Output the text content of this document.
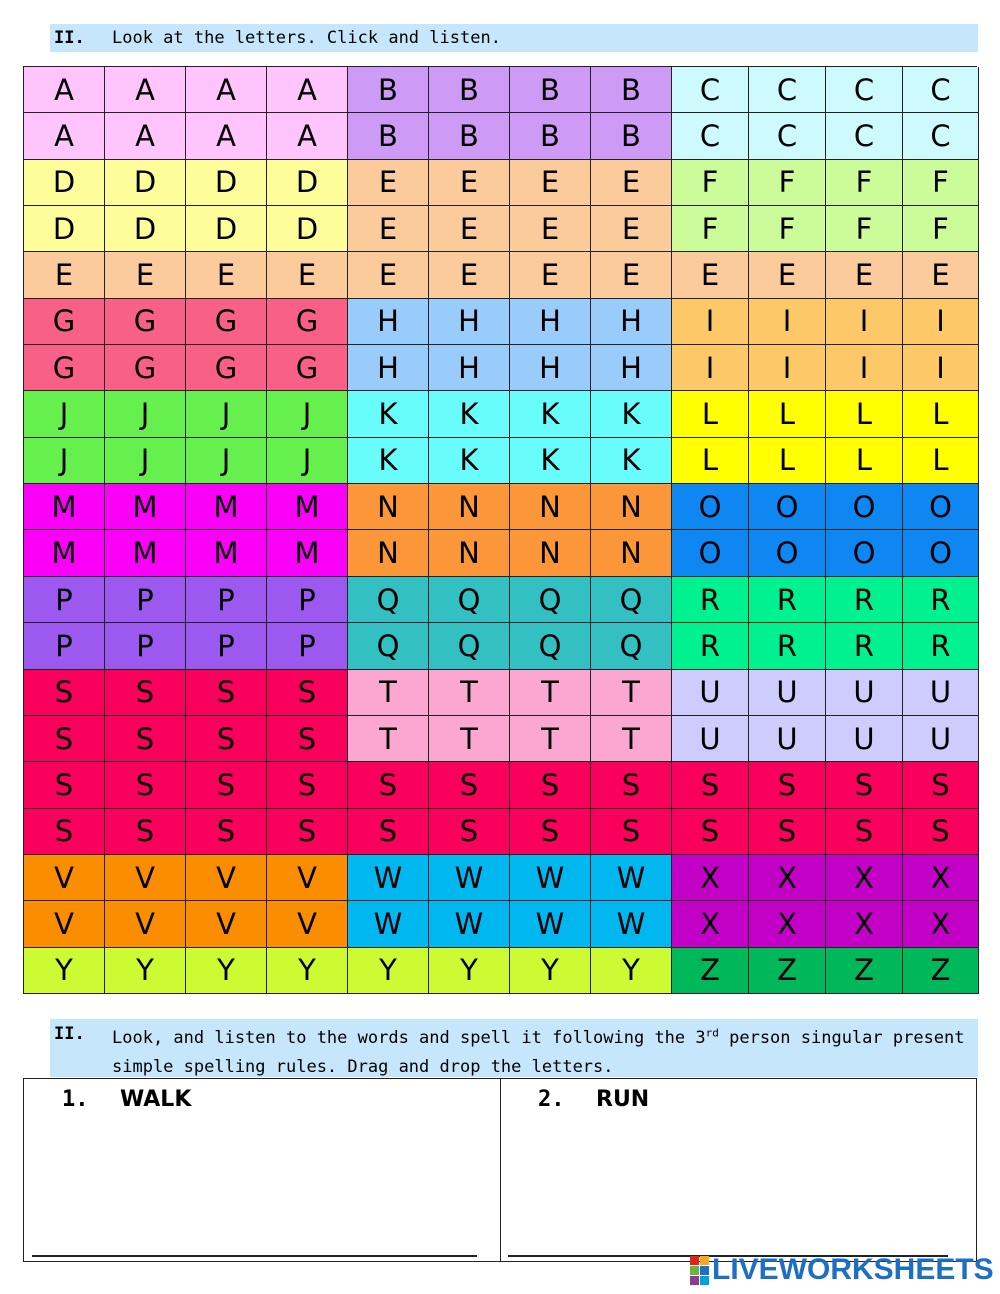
II. Look at the letters. Click and listen.
A	A	A	A	B	B	B	B	C	C	C	C
A	A	A	A	B	B	B	B	C	C	C	C
D	D	D	D	E	E	E	E	F	F	F	F
D	D	D	D	E	E	E	E	F	F	F	F
E	E	E	E	E	E	E	E	E	E	E	E
G	G	G	G	H	H	H	H	I	I	I	I
G	G	G	G	H	H	H	H	I	I	I	I
J	J	J	J	K	K	K	K	L	L	L	L
J	J	J	J	K	K	K	K	L	L	L	L
M	M	M	M	N	N	N	N	O	O	O	O
M	M	M	M	N	N	N	N	O	O	O	O
P	P	P	P	Q	Q	Q	Q	R	R	R	R
P	P	P	P	Q	Q	Q	Q	R	R	R	R
S	S	S	S	T	T	T	T	U	U	U	U
S	S	S	S	T	T	T	T	U	U	U	U
S	S	S	S	S	S	S	S	S	S	S	S
S	S	S	S	S	S	S	S	S	S	S	S
V	V	V	V	W	W	W	W	X	X	X	X
V	V	V	V	W	W	W	W	X	X	X	X
Y	Y	Y	Y	Y	Y	Y	Y	Z	Z	Z	Z
II. Look, and listen to the words and spell it following the 3rd person singular present simple spelling rules. Drag and drop the letters.
1. WALK	2. RUN
LIVEWORKSHEETS
